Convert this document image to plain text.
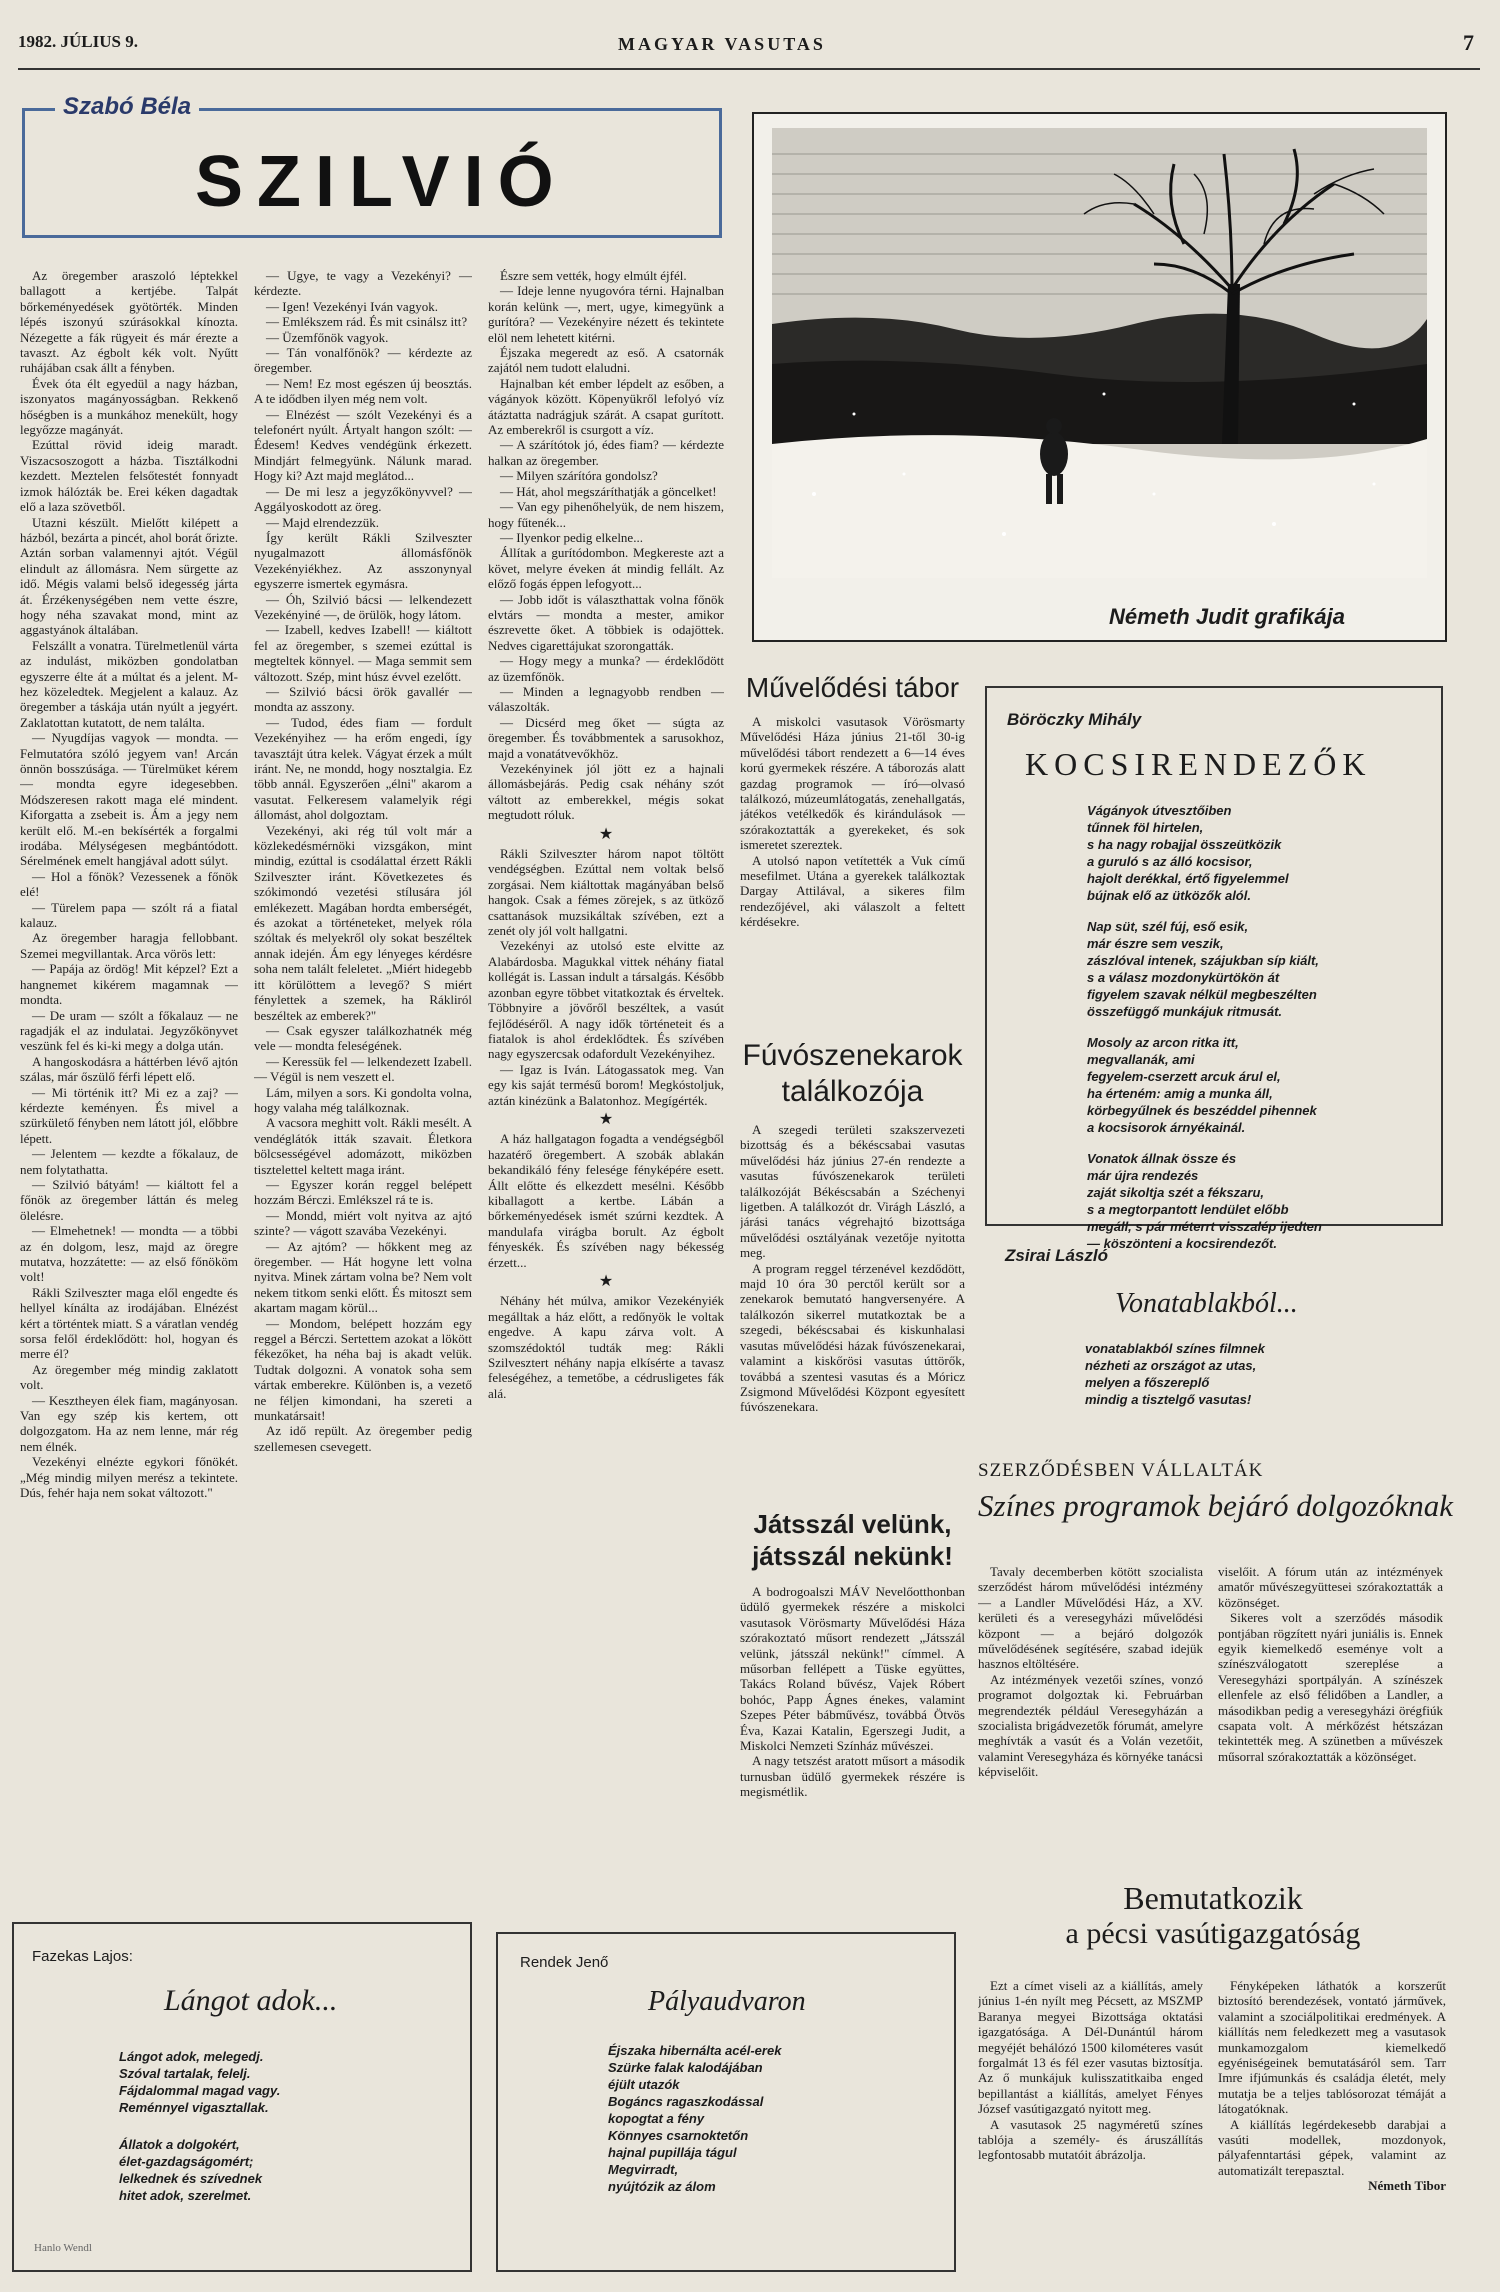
1982. JÚLIUS 9.	MAGYAR VASUTAS	7
Szabó Béla
SZILVIÓ

Az öregember araszoló léptekkel ballagott a kertjébe. Talpát bőrkeményedések gyötörték. Minden lépés iszonyú szúrásokkal kínozta. Nézegette a fák rügyeit és már érezte a tavaszt. Az égbolt kék volt. Nyűtt ruhájában csak állt a fényben.

Évek óta élt egyedül a nagy házban, iszonyatos magányosságban. Rekkenő hőségben is a munkához menekült, hogy legyőzze magányát.

Ezúttal rövid ideig maradt. Viszacsoszogott a házba. Tisztálkodni kezdett. Meztelen felsőtestét fonnyadt izmok hálózták be. Erei kéken dagadtak elő a laza szövetből.

Utazni készült. Mielőtt kilépett a házból, bezárta a pincét, ahol borát őrizte. Aztán sorban valamennyi ajtót. Végül elindult az állomásra. Nem sürgette az idő. Mégis valami belső idegesség járta át. Érzékenységében nem vette észre, hogy néha szavakat mond, mint az aggastyánok általában.

Felszállt a vonatra. Türelmetlenül várta az indulást, miközben gondolatban egyszerre élte át a múltat és a jelent. M-hez közeledtek. Megjelent a kalauz. Az öregember a táskája után nyúlt a jegyért. Zaklatottan kutatott, de nem találta.

— Nyugdíjas vagyok — mondta. — Felmutatóra szóló jegyem van! Arcán önnön bosszúsága. — Türelmüket kérem — mondta egyre idegesebben. Módszeresen rakott maga elé mindent. Kiforgatta a zsebeit is. Ám a jegy nem került elő. M.-en bekísérték a forgalmi irodába. Mélységesen megbántódott. Sérelmének emelt hangjával adott súlyt.

— Hol a főnök? Vezessenek a főnök elé!

— Türelem papa — szólt rá a fiatal kalauz.

Az öregember haragja fellobbant. Szemei megvillantak. Arca vörös lett:

— Papája az ördög! Mit képzel? Ezt a hangnemet kikérem magamnak — mondta.

— De uram — szólt a főkalauz — ne ragadják el az indulatai. Jegyzőkönyvet veszünk fel és ki-ki megy a dolga után.

A hangoskodásra a háttérben lévő ajtón szálas, már őszülő férfi lépett elő.

— Mi történik itt? Mi ez a zaj? — kérdezte keményen. És mivel a szürkülető fényben nem látott jól, előbbre lépett.

— Jelentem — kezdte a főkalauz, de nem folytathatta.

— Szilvió bátyám! — kiáltott fel a főnök az öregember láttán és meleg ölelésre.

— Elmehetnek! — mondta — a többi az én dolgom, lesz, majd az öregre mutatva, hozzátette: — az első főnököm volt!

Rákli Szilveszter maga elől engedte és hellyel kínálta az irodájában. Elnézést kért a történtek miatt. S a váratlan vendég sorsa felől érdeklődött: hol, hogyan és merre él?

Az öregember még mindig zaklatott volt.

— Kesztheyen élek fiam, magányosan. Van egy szép kis kertem, ott dolgozgatom. Ha az nem lenne, már rég nem élnék.

Vezekényi elnézte egykori főnökét. „Még mindig milyen merész a tekintete. Dús, fehér haja nem sokat változott."

— Ugye, te vagy a Vezekényi? — kérdezte.

— Igen! Vezekényi Iván vagyok.

— Emlékszem rád. És mit csinálsz itt?

— Üzemfőnök vagyok.

— Tán vonalfőnök? — kérdezte az öregember.

— Nem! Ez most egészen új beosztás. A te idődben ilyen még nem volt.

— Elnézést — szólt Vezekényi és a telefonért nyúlt. Ártyalt hangon szólt: — Édesem! Kedves vendégünk érkezett. Mindjárt felmegyünk. Nálunk marad. Hogy ki? Azt majd meglátod...

— De mi lesz a jegyzőkönyvvel? — Aggályoskodott az öreg.

— Majd elrendezzük.

Így került Rákli Szilveszter nyugalmazott állomásfőnök Vezekényiékhez. Az asszonynyal egyszerre ismertek egymásra.

— Óh, Szilvió bácsi — lelkendezett Vezekényiné —, de örülök, hogy látom.

— Izabell, kedves Izabell! — kiáltott fel az öregember, s szemei ezúttal is megteltek könnyel. — Maga semmit sem változott. Szép, mint húsz évvel ezelőtt.

— Szilvió bácsi örök gavallér — mondta az asszony.

— Tudod, édes fiam — fordult Vezekényihez — ha erőm engedi, így tavasztájt útra kelek. Vágyat érzek a múlt iránt. Ne, ne mondd, hogy nosztalgia. Ez több annál. Egyszerően „élni" akarom a vasutat. Felkeresem valamelyik régi állomást, ahol dolgoztam.

Vezekényi, aki rég túl volt már a közlekedésmérnöki vizsgákon, mint mindig, ezúttal is csodálattal érzett Rákli Szilveszter iránt. Következetes és szókimondó vezetési stílusára jól emlékezett. Magában hordta emberségét, és azokat a történeteket, melyek róla szóltak és melyekről oly sokat beszéltek annak idején. Ám egy lényeges kérdésre soha nem talált feleletet. „Miért hidegebb itt körülöttem a levegő? S miért fénylettek a szemek, ha Rákliról beszéltek az emberek?"

— Csak egyszer találkozhatnék még vele — mondta feleségének.

— Keressük fel — lelkendezett Izabell. — Végül is nem veszett el.

Lám, milyen a sors. Ki gondolta volna, hogy valaha még találkoznak.

A vacsora meghitt volt. Rákli mesélt. A vendéglátók itták szavait. Életkora bölcsességével adomázott, miközben tisztelettel keltett maga iránt.

— Egyszer korán reggel belépett hozzám Bérczi. Emlékszel rá te is.

— Mondd, miért volt nyitva az ajtó szinte? — vágott szavába Vezekényi.

— Az ajtóm? — hőkkent meg az öregember. — Hát hogyne lett volna nyitva. Minek zártam volna be? Nem volt nekem titkom senki előtt. És mitoszt sem akartam magam körül...

— Mondom, belépett hozzám egy reggel a Bérczi. Sertettem azokat a lökött fékezőket, ha néha baj is akadt velük. Tudtak dolgozni. A vonatok soha sem vártak emberekre. Különben is, a vezető ne féljen kimondani, ha szereti a munkatársait!

Az idő repült. Az öregember pedig szellemesen csevegett.

Észre sem vették, hogy elmúlt éjfél.

— Ideje lenne nyugovóra térni. Hajnalban korán kelünk —, mert, ugye, kimegyünk a gurítóra? — Vezekényire nézett és tekintete elöl nem lehetett kitérni.

Éjszaka megeredt az eső. A csatornák zajától nem tudott elaludni.

Hajnalban két ember lépdelt az esőben, a vágányok között. Köpenyükről lefolyó víz átáztatta nadrágjuk szárát. A csapat gurított. Az emberekről is csurgott a víz.

— A szárítótok jó, édes fiam? — kérdezte halkan az öregember.

— Milyen szárítóra gondolsz?

— Hát, ahol megszáríthatják a göncelket!

— Van egy pihenőhelyük, de nem hiszem, hogy fűtenék...

— Ilyenkor pedig elkelne...

Állítak a gurítódombon. Megkereste azt a követ, melyre éveken át mindig fellált. Az előző fogás éppen lefogyott...

— Jobb időt is választhattak volna főnök elvtárs — mondta a mester, amikor észrevette őket. A többiek is odajöttek. Nedves cigarettájukat szorongatták.

— Hogy megy a munka? — érdeklődött az üzemfőnök.

— Minden a legnagyobb rendben — válaszolták.

— Dicsérd meg őket — súgta az öregember. És továbbmentek a sarusokhoz, majd a vonatátvevőkhöz.

Vezekényinek jól jött ez a hajnali állomásbejárás. Pedig csak néhány szót váltott az emberekkel, mégis sokat megtudott róluk.

★

Rákli Szilveszter három napot töltött vendégségben. Ezúttal nem voltak belső zorgásai. Nem kiáltottak magányában belső hangok. Csak a fémes zörejek, s az ütköző csattanások muzsikáltak szívében, ezt a zenét oly jól volt hallgatni.

Vezekényi az utolsó este elvitte az Alabárdosba. Magukkal vittek néhány fiatal kollégát is. Lassan indult a társalgás. Később azonban egyre többet vitatkoztak és érveltek. Többnyire a jövőről beszéltek, a vasút fejlődéséről. A nagy idők történeteit és a fiatalok is ahol érdeklődtek. És szívében nagy egyszercsak odafordult Vezekényihez.

— Igaz is Iván. Látogassatok meg. Van egy kis saját termésű borom! Megkóstoljuk, aztán kinézünk a Balatonhoz. Megígérték.

★

A ház hallgatagon fogadta a vendégségből hazatérő öregembert. A szobák ablakán bekandikáló fény felesége fényképére esett. Állt előtte és elkezdett mesélni. Később kiballagott a kertbe. Lábán a bőrkeményedések ismét szúrni kezdtek. A mandulafa virágba borult. Az égbolt fényeskék. És szívében nagy békesség érzett...

★

Néhány hét múlva, amikor Vezekényiék megálltak a ház előtt, a redőnyök le voltak engedve. A kapu zárva volt. A szomszédoktól tudták meg: Rákli Szilvesztert néhány napja elkísérte a tavasz feleségéhez, a temetőbe, a cédrusligetes fák alá.

Németh Judit grafikája
Művelődési tábor

A miskolci vasutasok Vörösmarty Művelődési Háza június 21-től 30-ig művelődési tábort rendezett a 6—14 éves korú gyermekek részére. A táborozás alatt gazdag programok — író—olvasó találkozó, múzeumlátogatás, zenehallgatás, játékos vetélkedők és kirándulások — szórakoztatták a gyerekeket, és sok ismeretet szereztek.

A utolsó napon vetítették a Vuk című mesefilmet. Utána a gyerekek találkoztak Dargay Attilával, a sikeres film rendezőjével, aki válaszolt a feltett kérdésekre.

Fúvószenekarok
találkozója

A szegedi területi szakszervezeti bizottság és a békéscsabai vasutas művelődési ház június 27-én rendezte a vasutas fúvószenekarok területi találkozóját Békéscsabán a Széchenyi ligetben. A találkozót dr. Virágh László, a járási tanács végrehajtó bizottsága művelődési osztályának vezetője nyitotta meg.

A program reggel térzenével kezdődött, majd 10 óra 30 perctől került sor a zenekarok bemutató hangversenyére. A találkozón sikerrel mutatkoztak be a szegedi, békéscsabai és kiskunhalasi vasutas művelődési házak fúvószenekarai, valamint a kiskőrösi vasutas úttörők, továbbá a szentesi vasutas és a Móricz Zsigmond Művelődési Központ egyesített fúvószenekara.

Játsszál velünk,
játsszál nekünk!

A bodrogoalszi MÁV Nevelőotthonban üdülő gyermekek részére a miskolci vasutasok Vörösmarty Művelődési Háza szórakoztató műsort rendezett „Játsszál velünk, játsszál nekünk!" címmel. A műsorban fellépett a Tüske együttes, Takács Roland bűvész, Vajek Róbert bohóc, Papp Ágnes énekes, valamint Szepes Péter bábművész, továbbá Ötvös Éva, Kazai Katalin, Egerszegi Judit, a Miskolci Nemzeti Színház művészei.

A nagy tetszést aratott műsort a második turnusban üdülő gyermekek részére is megismétlik.

Böröczky Mihály
KOCSIRENDEZŐK

Vágányok útvesztőiben

tűnnek föl hirtelen,

s ha nagy robajjal összeütközik

a guruló s az álló kocsisor,

hajolt derékkal, értő figyelemmel

bújnak elő az ütközők alól.

Nap süt, szél fúj, eső esik,

már észre sem veszik,

zászlóval intenek, szájukban síp kiált,

s a válasz mozdonykürtökön át

figyelem szavak nélkül megbeszélten

összefüggő munkájuk ritmusát.

Mosoly az arcon ritka itt,

megvallanák, ami

fegyelem-cserzett arcuk árul el,

ha érteném: amig a munka áll,

körbegyűlnek és beszéddel pihennek

a kocsisorok árnyékainál.

Vonatok állnak össze és

már újra rendezés

zaját sikoltja szét a fékszaru,

s a megtorpantott lendület előbb

megáll, s pár méterrt visszalép ijedten

— köszönteni a kocsirendezőt.

Zsirai László
Vonatablakból...

vonatablakból színes filmnek

nézheti az országot az utas,

melyen a főszereplő

mindig a tisztelgő vasutas!

SZERZŐDÉSBEN VÁLLALTÁK
Színes programok bejáró dolgozóknak

Tavaly decemberben kötött szocialista szerződést három művelődési intézmény — a Landler Művelődési Ház, a XV. kerületi és a veresegyházi művelődési központ — a bejáró dolgozók művelődésének segítésére, szabad idejük hasznos eltöltésére.

Az intézmények vezetői színes, vonzó programot dolgoztak ki. Februárban megrendezték például Veresegyházán a szocialista brigádvezetők fórumát, amelyre meghívták a vasút és a Volán vezetőit, valamint Veresegyháza és környéke tanácsi képviselőit.

viselőit. A fórum után az intézmények amatőr művészegyüttesei szórakoztatták a közönséget.

Sikeres volt a szerződés második pontjában rögzített nyári juniális is. Ennek egyik kiemelkedő eseménye volt a színészválogatott szereplése a Veresegyházi sportpályán. A színészek ellenfele az első félidőben a Landler, a másodikban pedig a veresegyházi örégfiúk csapata volt. A mérkőzést hétszázan tekintették meg. A szünetben a művészek műsorral szórakoztatták a közönséget.

Bemutatkozik
a pécsi vasútigazgatóság

Ezt a címet viseli az a kiállítás, amely június 1-én nyílt meg Pécsett, az MSZMP Baranya megyei Bizottsága oktatási igazgatósága. A Dél-Dunántúl három megyéjét behálózó 1500 kilométeres vasút forgalmát 13 és fél ezer vasutas biztosítja. Az ő munkájuk kulisszatitkaiba enged bepillantást a kiállítás, amelyet Fényes József vasútigazgató nyitott meg.

A vasutasok 25 nagyméretű színes tablója a személy- és áruszállítás legfontosabb mutatóit ábrázolja.

Fényképeken láthatók a korszerűt biztosító berendezések, vontató járművek, valamint a szociálpolitikai eredmények. A kiállítás nem feledkezett meg a vasutasok munkamozgalom kiemelkedő egyéniségeinek bemutatásáról sem. Tarr Imre ifjúmunkás és családja életét, mely mutatja be a teljes tablósorozat témáját a látogatóknak.

A kiállítás legérdekesebb darabjai a vasúti modellek, mozdonyok, pályafenntartási gépek, valamint az automatizált terepasztal.

Németh Tibor

Fazekas Lajos:
Lángot adok...

Lángot adok, melegedj.

Szóval tartalak, felelj.

Fájdalommal magad vagy.

Reménnyel vigasztallak.

Állatok a dolgokért,

élet-gazdagságomért;

lelkednek és szívednek

hitet adok, szerelmet.

Hanlo Wendl
Rendek Jenő
Pályaudvaron

Éjszaka hibernálta acél-erek

Szürke falak kalodájában

éjült utazók

Bogáncs ragaszkodással

kopogtat a fény

Könnyes csarnoktetőn

hajnal pupillája tágul

Megvirradt,

nyújtózik az álom
